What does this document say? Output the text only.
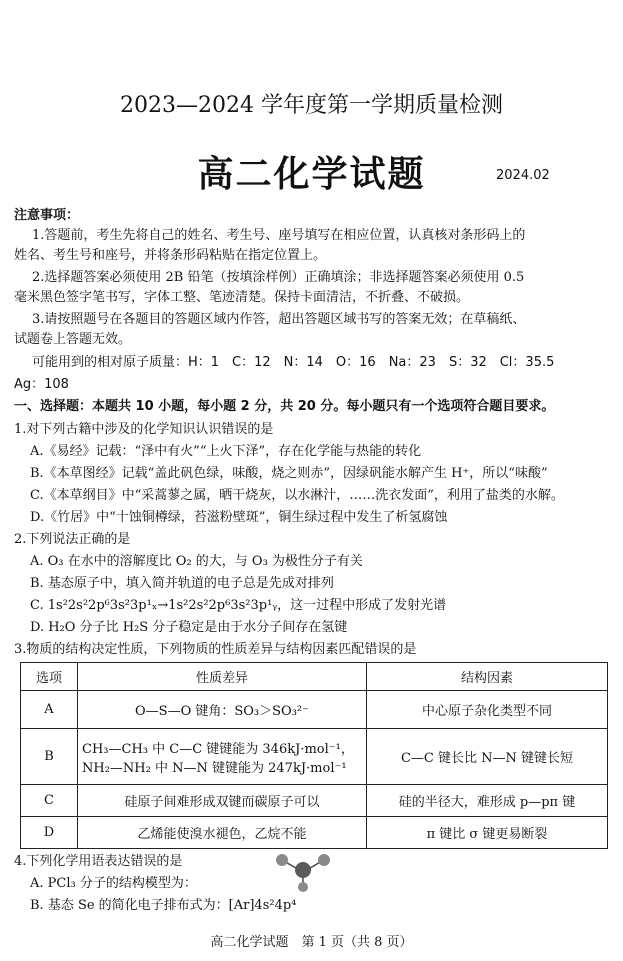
2023—2024 学年度第一学期质量检测
高二化学试题	2024.02
注意事项：
1.答题前，考生先将自己的姓名、考生号、座号填写在相应位置，认真核对条形码上的
姓名、考生号和座号，并将条形码粘贴在指定位置上。
2.选择题答案必须使用 2B 铅笔（按填涂样例）正确填涂；非选择题答案必须使用 0.5
毫米黑色签字笔书写，字体工整、笔迹清楚。保持卡面清洁，不折叠、不破损。
3.请按照题号在各题目的答题区域内作答，超出答题区域书写的答案无效；在草稿纸、
试题卷上答题无效。
可能用到的相对原子质量：H：1　C：12　N：14　O：16　Na：23　S：32　Cl：35.5
Ag：108
一、选择题：本题共 10 小题，每小题 2 分，共 20 分。每小题只有一个选项符合题目要求。
1.对下列古籍中涉及的化学知识认识错误的是
A.《易经》记载：“泽中有火”“上火下泽”，存在化学能与热能的转化
B.《本草图经》记载“盖此矾色绿，味酸，烧之则赤”，因绿矾能水解产生 H⁺，所以“味酸”
C.《本草纲目》中“采蒿蓼之属，晒干烧灰，以水淋汁，……洗衣发面”，利用了盐类的水解。
D.《竹居》中“十蚀铜樽绿，苔滋粉壁斑”，铜生绿过程中发生了析氢腐蚀
2.下列说法正确的是
A. O₃ 在水中的溶解度比 O₂ 的大，与 O₃ 为极性分子有关
B. 基态原子中，填入简并轨道的电子总是先成对排列
C. 1s²2s²2p⁶3s²3p¹ₓ→1s²2s²2p⁶3s²3p¹ᵧ，这一过程中形成了发射光谱
D. H₂O 分子比 H₂S 分子稳定是由于水分子间存在氢键
3.物质的结构决定性质，下列物质的性质差异与结构因素匹配错误的是
选项	性质差异	结构因素
A	O—S—O 键角：SO₃＞SO₃²⁻	中心原子杂化类型不同
B	CH₃—CH₃ 中 C—C 键键能为 346kJ·mol⁻¹，
NH₂—NH₂ 中 N—N 键键能为 247kJ·mol⁻¹	C—C 键长比 N—N 键键长短
C	硅原子间难形成双键而碳原子可以	硅的半径大，难形成 p—pπ 键
D	乙烯能使溴水褪色，乙烷不能	π 键比 σ 键更易断裂
4.下列化学用语表达错误的是
A. PCl₃ 分子的结构模型为：
B. 基态 Se 的简化电子排布式为：[Ar]4s²4p⁴
高二化学试题　第 1 页（共 8 页）
